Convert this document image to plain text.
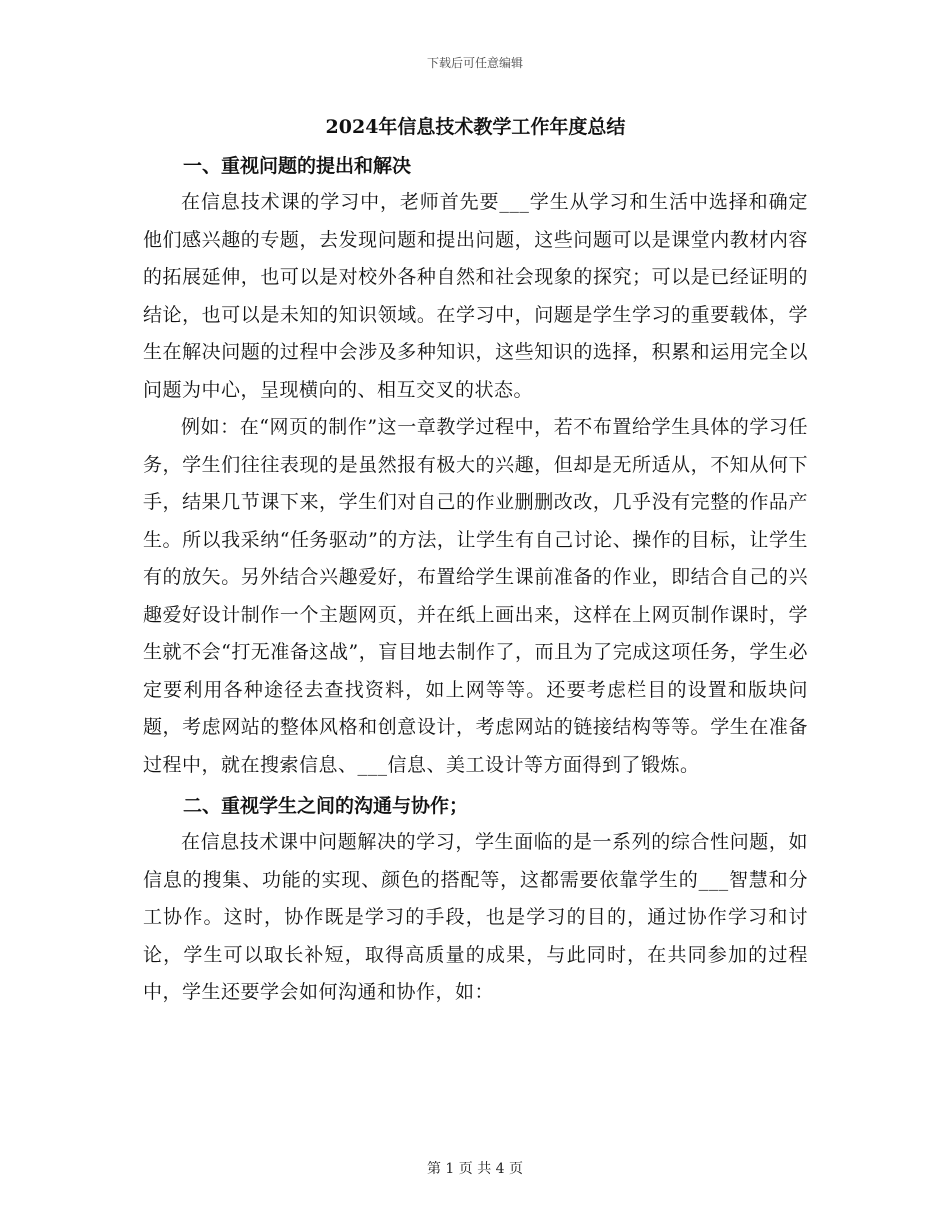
下载后可任意编辑
2024年信息技术教学工作年度总结
一、重视问题的提出和解决

在信息技术课的学习中，老师首先要___学生从学习和生活中选择和确定他们感兴趣的专题，去发现问题和提出问题，这些问题可以是课堂内教材内容的拓展延伸，也可以是对校外各种自然和社会现象的探究；可以是已经证明的结论，也可以是未知的知识领域。在学习中，问题是学生学习的重要载体，学生在解决问题的过程中会涉及多种知识，这些知识的选择，积累和运用完全以问题为中心，呈现横向的、相互交叉的状态。

例如：在“网页的制作”这一章教学过程中，若不布置给学生具体的学习任务，学生们往往表现的是虽然报有极大的兴趣，但却是无所适从，不知从何下手，结果几节课下来，学生们对自己的作业删删改改，几乎没有完整的作品产生。所以我采纳“任务驱动”的方法，让学生有自己讨论、操作的目标，让学生有的放矢。另外结合兴趣爱好，布置给学生课前准备的作业，即结合自己的兴趣爱好设计制作一个主题网页，并在纸上画出来，这样在上网页制作课时，学生就不会“打无准备这战”，盲目地去制作了，而且为了完成这项任务，学生必定要利用各种途径去查找资料，如上网等等。还要考虑栏目的设置和版块问题，考虑网站的整体风格和创意设计，考虑网站的链接结构等等。学生在准备过程中，就在搜索信息、___信息、美工设计等方面得到了锻炼。

二、重视学生之间的沟通与协作；

在信息技术课中问题解决的学习，学生面临的是一系列的综合性问题，如信息的搜集、功能的实现、颜色的搭配等，这都需要依靠学生的___智慧和分工协作。这时，协作既是学习的手段，也是学习的目的，通过协作学习和讨论，学生可以取长补短，取得高质量的成果，与此同时，在共同参加的过程中，学生还要学会如何沟通和协作，如：

第 1 页 共 4 页
